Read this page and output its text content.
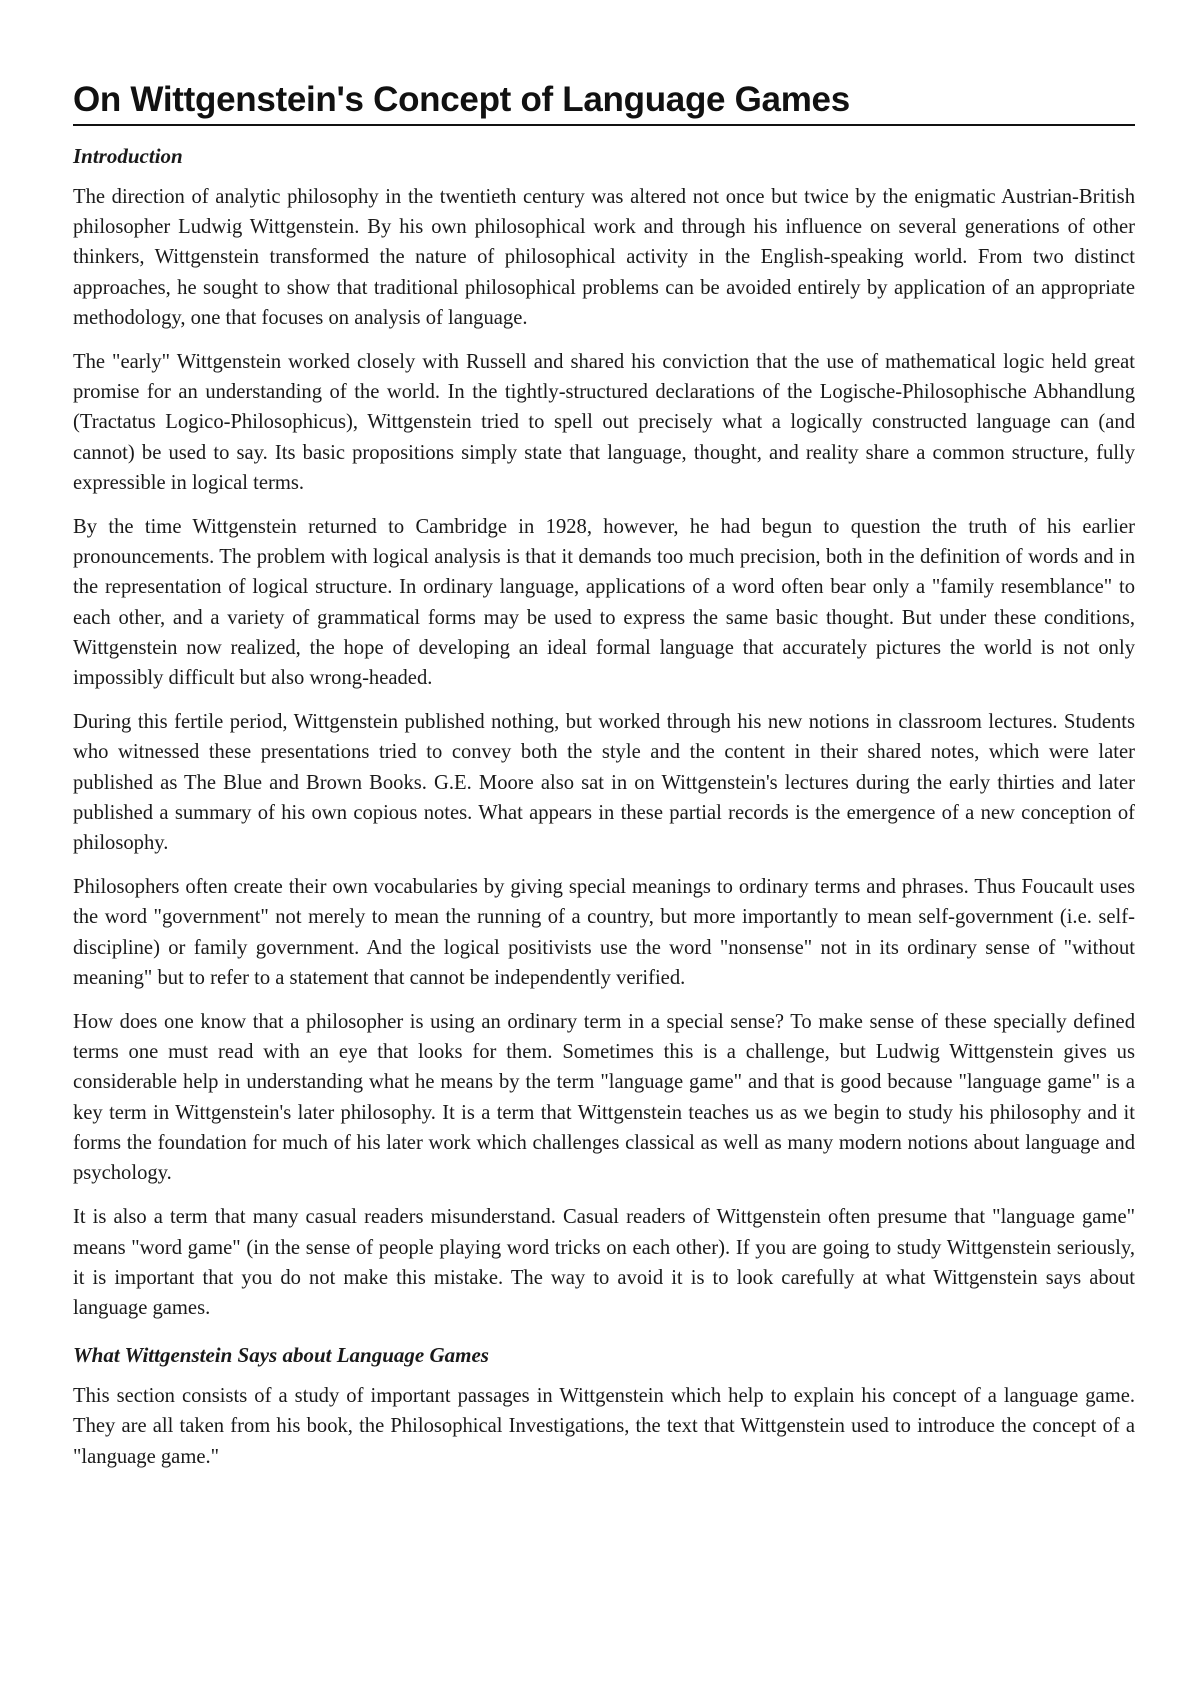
On Wittgenstein's Concept of Language Games
Introduction

The direction of analytic philosophy in the twentieth century was altered not once but twice by the enigmatic Austrian-British philosopher Ludwig Wittgenstein. By his own philosophical work and through his influence on several generations of other thinkers, Wittgenstein transformed the nature of philosophical activity in the English-speaking world. From two distinct approaches, he sought to show that traditional philosophical problems can be avoided entirely by application of an appropriate methodology, one that focuses on analysis of language.

The "early" Wittgenstein worked closely with Russell and shared his conviction that the use of mathematical logic held great promise for an understanding of the world. In the tightly-structured declarations of the Logische-Philosophische Abhandlung (Tractatus Logico-Philosophicus), Wittgenstein tried to spell out precisely what a logically constructed language can (and cannot) be used to say. Its basic propositions simply state that language, thought, and reality share a common structure, fully expressible in logical terms.

By the time Wittgenstein returned to Cambridge in 1928, however, he had begun to question the truth of his earlier pronouncements. The problem with logical analysis is that it demands too much precision, both in the definition of words and in the representation of logical structure. In ordinary language, applications of a word often bear only a "family resemblance" to each other, and a variety of grammatical forms may be used to express the same basic thought. But under these conditions, Wittgenstein now realized, the hope of developing an ideal formal language that accurately pictures the world is not only impossibly difficult but also wrong-headed.

During this fertile period, Wittgenstein published nothing, but worked through his new notions in classroom lectures. Students who witnessed these presentations tried to convey both the style and the content in their shared notes, which were later published as The Blue and Brown Books. G.E. Moore also sat in on Wittgenstein's lectures during the early thirties and later published a summary of his own copious notes. What appears in these partial records is the emergence of a new conception of philosophy.

Philosophers often create their own vocabularies by giving special meanings to ordinary terms and phrases. Thus Foucault uses the word "government" not merely to mean the running of a country, but more importantly to mean self-government (i.e. self-discipline) or family government. And the logical positivists use the word "nonsense" not in its ordinary sense of "without meaning" but to refer to a statement that cannot be independently verified.

How does one know that a philosopher is using an ordinary term in a special sense? To make sense of these specially defined terms one must read with an eye that looks for them. Sometimes this is a challenge, but Ludwig Wittgenstein gives us considerable help in understanding what he means by the term "language game" and that is good because "language game" is a key term in Wittgenstein's later philosophy. It is a term that Wittgenstein teaches us as we begin to study his philosophy and it forms the foundation for much of his later work which challenges classical as well as many modern notions about language and psychology.

It is also a term that many casual readers misunderstand. Casual readers of Wittgenstein often presume that "language game" means "word game" (in the sense of people playing word tricks on each other). If you are going to study Wittgenstein seriously, it is important that you do not make this mistake. The way to avoid it is to look carefully at what Wittgenstein says about language games.

What Wittgenstein Says about Language Games

This section consists of a study of important passages in Wittgenstein which help to explain his concept of a language game. They are all taken from his book, the Philosophical Investigations, the text that Wittgenstein used to introduce the concept of a "language game."
